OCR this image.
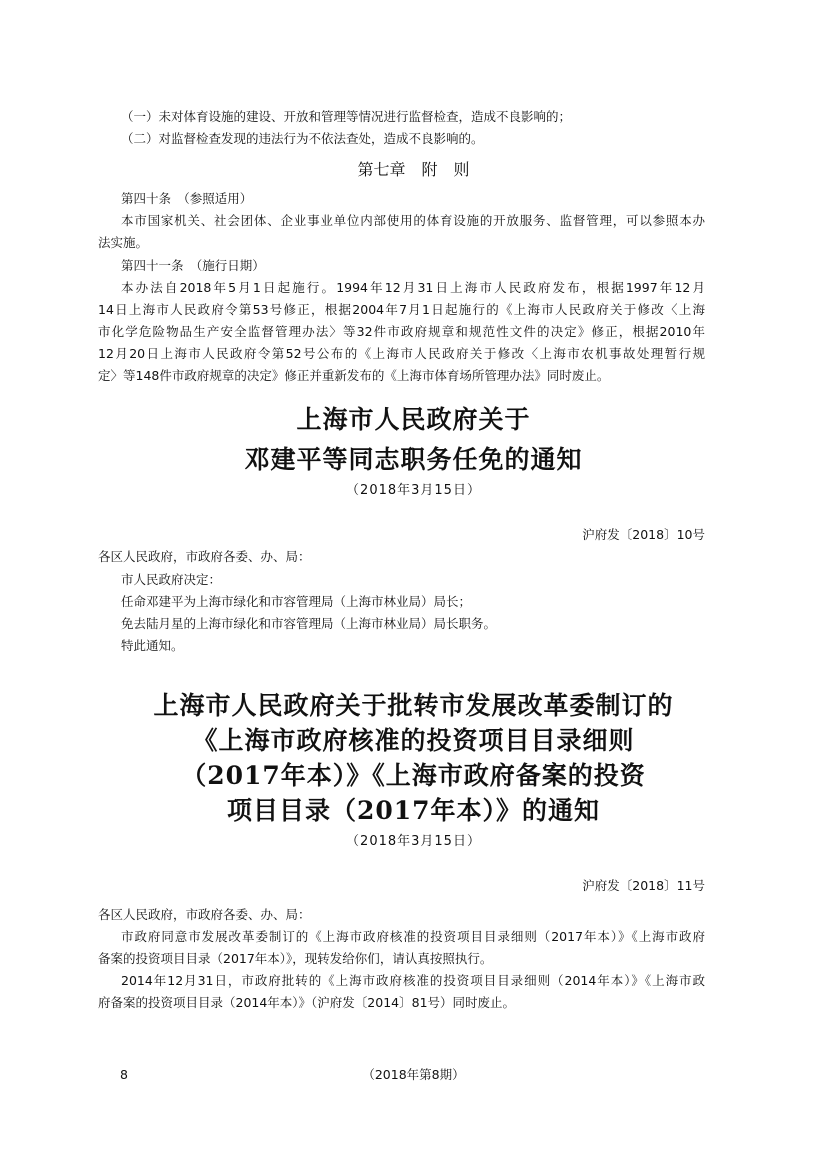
（一）未对体育设施的建设、开放和管理等情况进行监督检查，造成不良影响的；
（二）对监督检查发现的违法行为不依法查处，造成不良影响的。
第七章　附　则
第四十条　（参照适用）
本市国家机关、社会团体、企业事业单位内部使用的体育设施的开放服务、监督管理，可以参照本办
法实施。
第四十一条　（施行日期）
本办法自2018年5月1日起施行。1994年12月31日上海市人民政府发布，根据1997年12月
14日上海市人民政府令第53号修正，根据2004年7月1日起施行的《上海市人民政府关于修改〈上海
市化学危险物品生产安全监督管理办法〉等32件市政府规章和规范性文件的决定》修正，根据2010年
12月20日上海市人民政府令第52号公布的《上海市人民政府关于修改〈上海市农机事故处理暂行规
定〉等148件市政府规章的决定》修正并重新发布的《上海市体育场所管理办法》同时废止。
上海市人民政府关于
邓建平等同志职务任免的通知
（2018年3月15日）
沪府发〔2018〕10号
各区人民政府，市政府各委、办、局：
市人民政府决定：
任命邓建平为上海市绿化和市容管理局（上海市林业局）局长；
免去陆月星的上海市绿化和市容管理局（上海市林业局）局长职务。
特此通知。
上海市人民政府关于批转市发展改革委制订的
《上海市政府核准的投资项目目录细则
（2017年本）》《上海市政府备案的投资
项目目录（2017年本）》的通知
（2018年3月15日）
沪府发〔2018〕11号
各区人民政府，市政府各委、办、局：
市政府同意市发展改革委制订的《上海市政府核准的投资项目目录细则（2017年本）》《上海市政府
备案的投资项目目录（2017年本）》，现转发给你们，请认真按照执行。
2014年12月31日，市政府批转的《上海市政府核准的投资项目目录细则（2014年本）》《上海市政
府备案的投资项目目录（2014年本）》（沪府发〔2014〕81号）同时废止。
8	（2018年第8期）
